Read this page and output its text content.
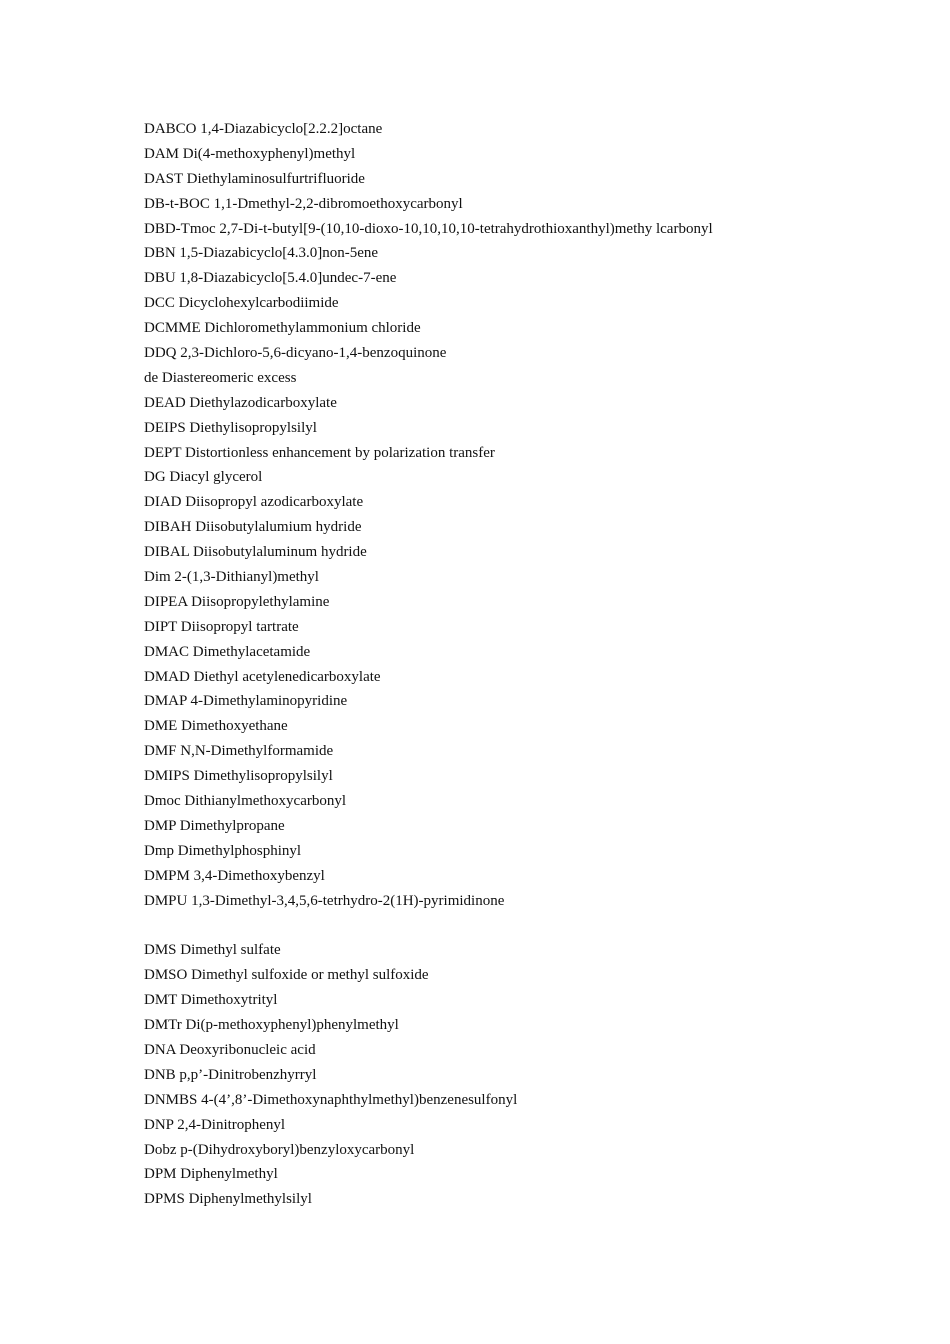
DABCO 1,4-Diazabicyclo[2.2.2]octane
DAM Di(4-methoxyphenyl)methyl
DAST Diethylaminosulfurtrifluoride
DB-t-BOC 1,1-Dmethyl-2,2-dibromoethoxycarbonyl
DBD-Tmoc 2,7-Di-t-butyl[9-(10,10-dioxo-10,10,10,10-tetrahydrothioxanthyl)methy lcarbonyl
DBN 1,5-Diazabicyclo[4.3.0]non-5ene
DBU 1,8-Diazabicyclo[5.4.0]undec-7-ene
DCC Dicyclohexylcarbodiimide
DCMME Dichloromethylammonium chloride
DDQ 2,3-Dichloro-5,6-dicyano-1,4-benzoquinone
de Diastereomeric excess
DEAD Diethylazodicarboxylate
DEIPS Diethylisopropylsilyl
DEPT Distortionless enhancement by polarization transfer
DG Diacyl glycerol
DIAD Diisopropyl azodicarboxylate
DIBAH Diisobutylalumium hydride
DIBAL Diisobutylaluminum hydride
Dim 2-(1,3-Dithianyl)methyl
DIPEA Diisopropylethylamine
DIPT Diisopropyl tartrate
DMAC Dimethylacetamide
DMAD Diethyl acetylenedicarboxylate
DMAP 4-Dimethylaminopyridine
DME Dimethoxyethane
DMF N,N-Dimethylformamide
DMIPS Dimethylisopropylsilyl
Dmoc Dithianylmethoxycarbonyl
DMP Dimethylpropane
Dmp Dimethylphosphinyl
DMPM 3,4-Dimethoxybenzyl
DMPU 1,3-Dimethyl-3,4,5,6-tetrhydro-2(1H)-pyrimidinone
DMS Dimethyl sulfate
DMSO Dimethyl sulfoxide or methyl sulfoxide
DMT Dimethoxytrityl
DMTr Di(p-methoxyphenyl)phenylmethyl
DNA Deoxyribonucleic acid
DNB p,p’-Dinitrobenzhyrryl
DNMBS 4-(4’,8’-Dimethoxynaphthylmethyl)benzenesulfonyl
DNP 2,4-Dinitrophenyl
Dobz p-(Dihydroxyboryl)benzyloxycarbonyl
DPM Diphenylmethyl
DPMS Diphenylmethylsilyl
